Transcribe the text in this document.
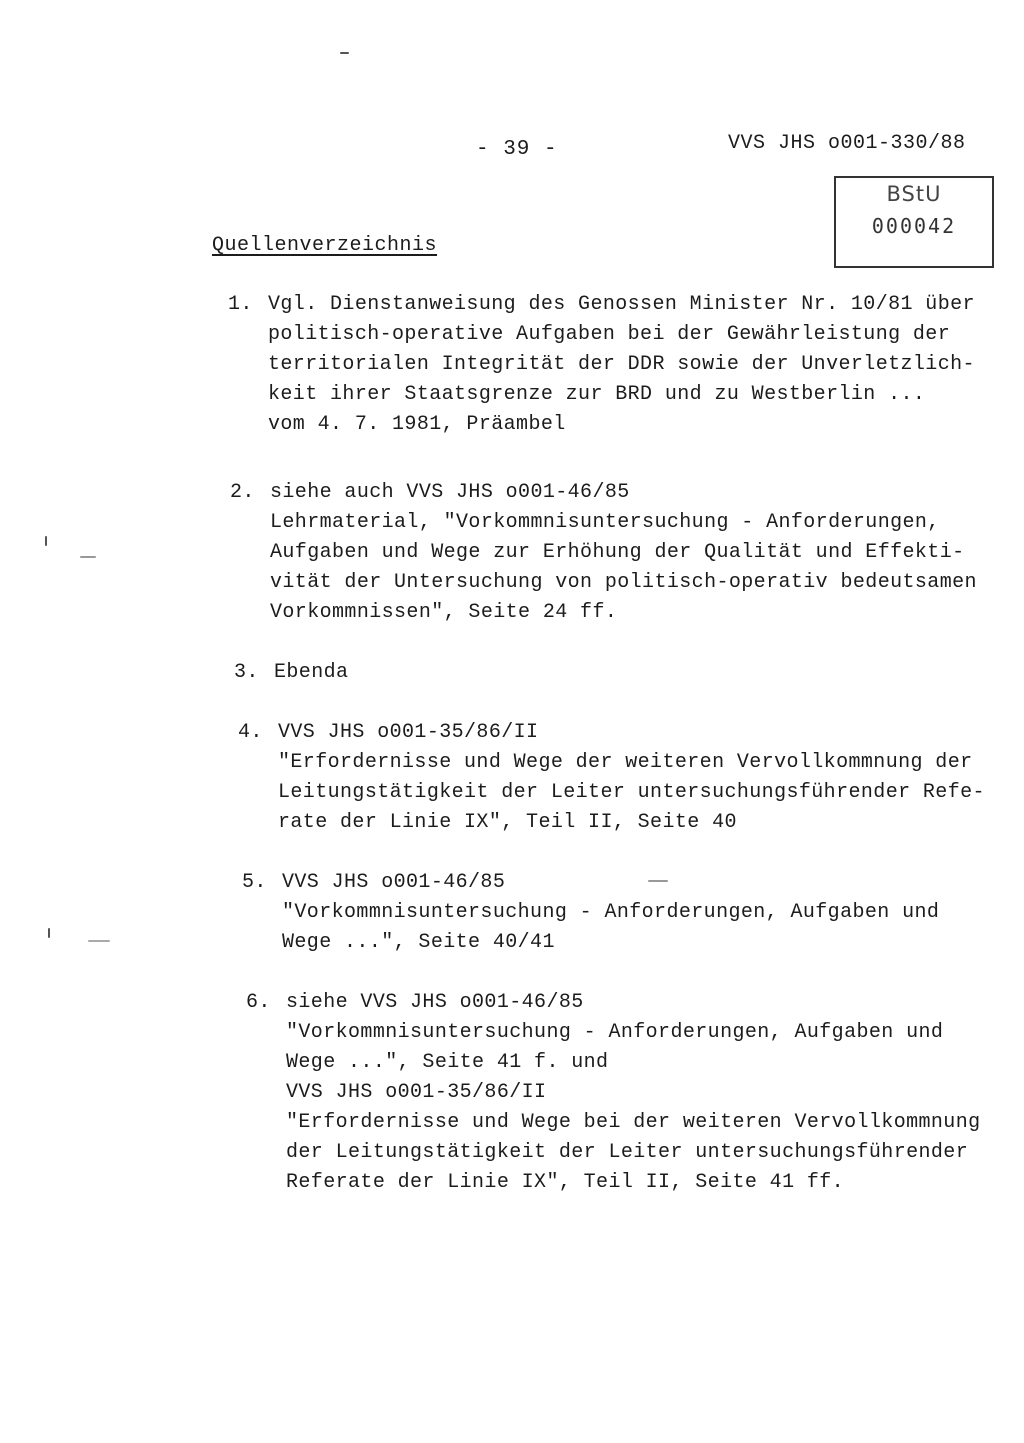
- 39 -	VVS JHS o001-330/88
BStU
000042
Quellenverzeichnis
1. Vgl. Dienstanweisung des Genossen Minister Nr. 10/81 über
politisch-operative Aufgaben bei der Gewährleistung der
territorialen Integrität der DDR sowie der Unverletzlich-
keit ihrer Staatsgrenze zur BRD und zu Westberlin ...
vom 4. 7. 1981, Präambel
2. siehe auch VVS JHS o001-46/85
Lehrmaterial, "Vorkommnisuntersuchung - Anforderungen,
Aufgaben und Wege zur Erhöhung der Qualität und Effekti-
vität der Untersuchung von politisch-operativ bedeutsamen
Vorkommnissen", Seite 24 ff.
3. Ebenda
4. VVS JHS o001-35/86/II
"Erfordernisse und Wege der weiteren Vervollkommnung der
Leitungstätigkeit der Leiter untersuchungsführender Refe-
rate der Linie IX", Teil II, Seite 40
5. VVS JHS o001-46/85
"Vorkommnisuntersuchung - Anforderungen, Aufgaben und
Wege ...", Seite 40/41
6. siehe VVS JHS o001-46/85
"Vorkommnisuntersuchung - Anforderungen, Aufgaben und
Wege ...", Seite 41 f. und
VVS JHS o001-35/86/II
"Erfordernisse und Wege bei der weiteren Vervollkommnung
der Leitungstätigkeit der Leiter untersuchungsführender
Referate der Linie IX", Teil II, Seite 41 ff.
